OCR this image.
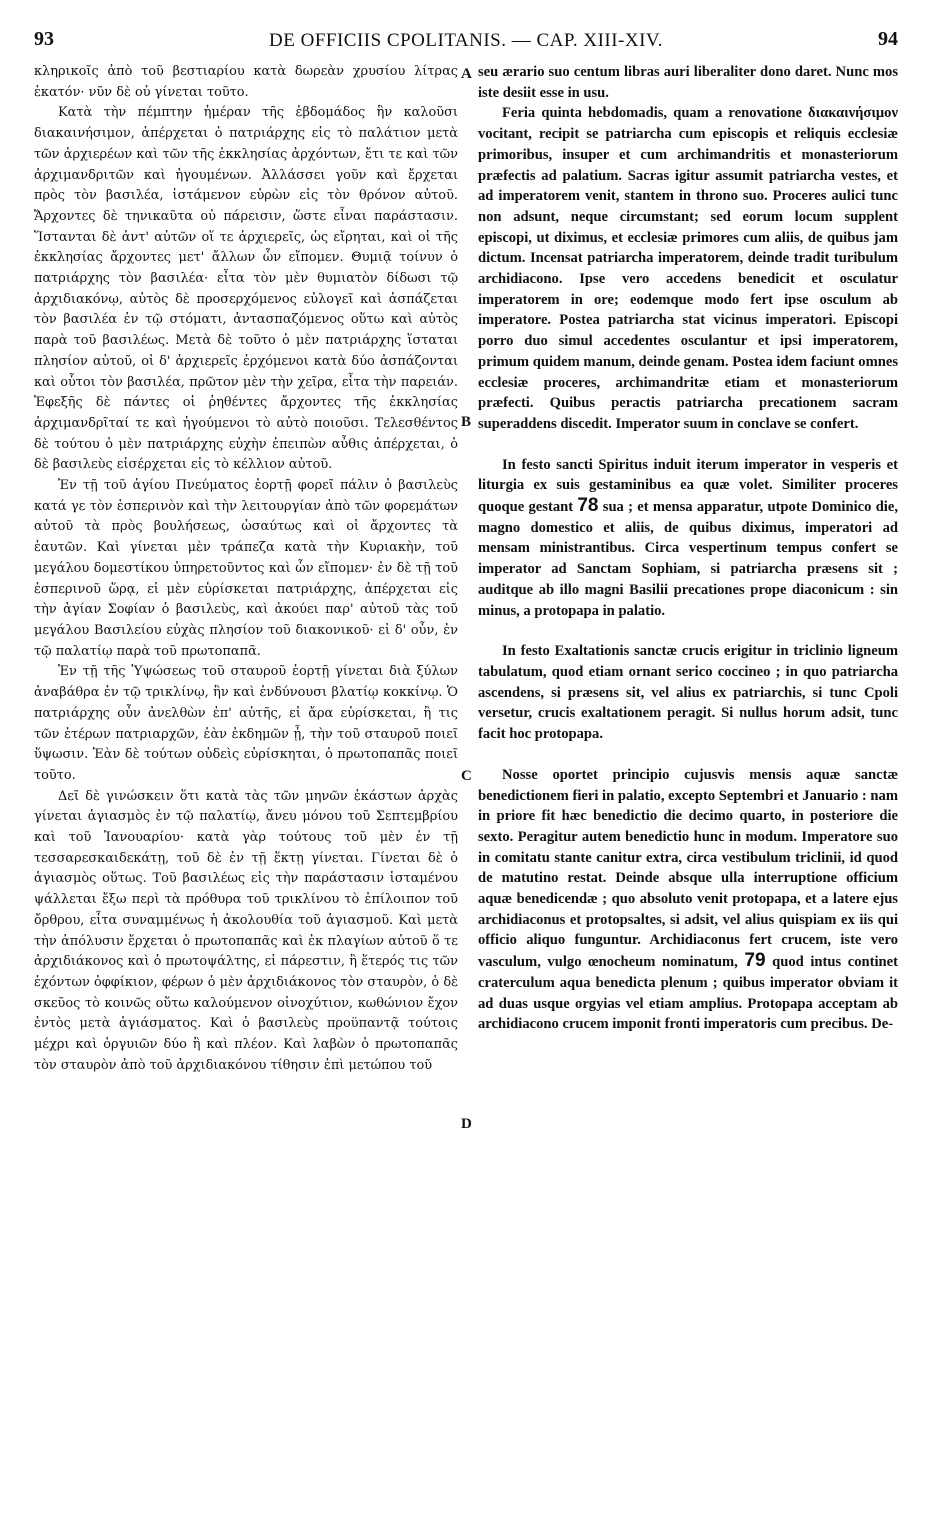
93	DE OFFICIIS CPOLITANIS. — CAP. XIII-XIV.	94

κληρικοῖς ἀπὸ τοῦ βεστιαρίου κατὰ δωρεὰν χρυσίου λίτρας ἑκατόν· νῦν δὲ οὐ γίνεται τοῦτο.

Κατὰ τὴν πέμπτην ἡμέραν τῆς ἑβδομάδος ἣν καλοῦσι διακαινήσιμον, ἀπέρχεται ὁ πατριάρχης εἰς τὸ παλάτιον μετὰ τῶν ἀρχιερέων καὶ τῶν τῆς ἐκκλησίας ἀρχόντων, ἔτι τε καὶ τῶν ἀρχιμανδριτῶν καὶ ἡγουμένων. Ἀλλάσσει γοῦν καὶ ἔρχεται πρὸς τὸν βασιλέα, ἱστάμενον εὑρὼν εἰς τὸν θρόνον αὐτοῦ. Ἄρχοντες δὲ τηνικαῦτα οὐ πάρεισιν, ὥστε εἶναι παράστασιν. Ἵστανται δὲ ἀντ' αὐτῶν οἵ τε ἀρχιερεῖς, ὡς εἴρηται, καὶ οἱ τῆς ἐκκλησίας ἄρχοντες μετ' ἄλλων ὧν εἴπομεν. Θυμιᾷ τοίνυν ὁ πατριάρχης τὸν βασιλέα· εἶτα τὸν μὲν θυμιατὸν δίδωσι τῷ ἀρχιδιακόνῳ, αὐτὸς δὲ προσερχόμενος εὐλογεῖ καὶ ἀσπάζεται τὸν βασιλέα ἐν τῷ στόματι, ἀντασπαζόμενος οὕτω καὶ αὐτὸς παρὰ τοῦ βασιλέως. Μετὰ δὲ τοῦτο ὁ μὲν πατριάρχης ἵσταται πλησίον αὐτοῦ, οἱ δ' ἀρχιερεῖς ἐρχόμενοι κατὰ δύο ἀσπάζονται καὶ οὗτοι τὸν βασιλέα, πρῶτον μὲν τὴν χεῖρα, εἶτα τὴν παρειάν. Ἐφεξῆς δὲ πάντες οἱ ῥηθέντες ἄρχοντες τῆς ἐκκλησίας ἀρχιμανδρῖταί τε καὶ ἡγούμενοι τὸ αὐτὸ ποιοῦσι. Τελεσθέντος δὲ τούτου ὁ μὲν πατριάρχης εὐχὴν ἐπειπὼν αὖθις ἀπέρχεται, ὁ δὲ βασιλεὺς εἰσέρχεται εἰς τὸ κέλλιον αὐτοῦ.

Ἐν τῇ τοῦ ἁγίου Πνεύματος ἑορτῇ φορεῖ πάλιν ὁ βασιλεὺς κατά γε τὸν ἑσπερινὸν καὶ τὴν λειτουργίαν ἀπὸ τῶν φορεμάτων αὐτοῦ τὰ πρὸς βουλήσεως, ὡσαύτως καὶ οἱ ἄρχοντες τὰ ἑαυτῶν. Καὶ γίνεται μὲν τράπεζα κατὰ τὴν Κυριακὴν, τοῦ μεγάλου δομεστίκου ὑπηρετοῦντος καὶ ὧν εἴπομεν· ἐν δὲ τῇ τοῦ ἑσπερινοῦ ὥρᾳ, εἰ μὲν εὑρίσκεται πατριάρχης, ἀπέρχεται εἰς τὴν ἁγίαν Σοφίαν ὁ βασιλεὺς, καὶ ἀκούει παρ' αὐτοῦ τὰς τοῦ μεγάλου Βασιλείου εὐχὰς πλησίον τοῦ διακονικοῦ· εἰ δ' οὖν, ἐν τῷ παλατίῳ παρὰ τοῦ πρωτοπαπᾶ.

Ἐν τῇ τῆς Ὑψώσεως τοῦ σταυροῦ ἑορτῇ γίνεται διὰ ξύλων ἀναβάθρα ἐν τῷ τρικλίνῳ, ἣν καὶ ἐνδύνουσι βλατίῳ κοκκίνῳ. Ὁ πατριάρχης οὖν ἀνελθὼν ἐπ' αὐτῆς, εἰ ἄρα εὑρίσκεται, ἢ τις τῶν ἑτέρων πατριαρχῶν, ἐὰν ἐκδημῶν ᾖ, τὴν τοῦ σταυροῦ ποιεῖ ὕψωσιν. Ἐὰν δὲ τούτων οὐδεὶς εὑρίσκηται, ὁ πρωτοπαπᾶς ποιεῖ τοῦτο.

Δεῖ δὲ γινώσκειν ὅτι κατὰ τὰς τῶν μηνῶν ἑκάστων ἀρχὰς γίνεται ἁγιασμὸς ἐν τῷ παλατίῳ, ἄνευ μόνου τοῦ Σεπτεμβρίου καὶ τοῦ Ἰανουαρίου· κατὰ γὰρ τούτους τοῦ μὲν ἐν τῇ τεσσαρεσκαιδεκάτῃ, τοῦ δὲ ἐν τῇ ἕκτῃ γίνεται. Γίνεται δὲ ὁ ἁγιασμὸς οὕτως. Τοῦ βασιλέως εἰς τὴν παράστασιν ἱσταμένου ψάλλεται ἔξω περὶ τὰ πρόθυρα τοῦ τρικλίνου τὸ ἐπίλοιπον τοῦ ὄρθρου, εἶτα συναμμένως ἡ ἀκολουθία τοῦ ἁγιασμοῦ. Καὶ μετὰ τὴν ἀπόλυσιν ἔρχεται ὁ πρωτοπαπᾶς καὶ ἐκ πλαγίων αὐτοῦ ὅ τε ἀρχιδιάκονος καὶ ὁ πρωτοψάλτης, εἰ πάρεστιν, ἢ ἕτερός τις τῶν ἐχόντων ὀφφίκιον, φέρων ὁ μὲν ἀρχιδιάκονος τὸν σταυρὸν, ὁ δὲ σκεῦος τὸ κοινῶς οὕτω καλούμενον οἰνοχύτιον, κωθώνιον ἔχον ἐντὸς μετὰ ἁγιάσματος. Καὶ ὁ βασιλεὺς προϋπαντᾷ τούτοις μέχρι καὶ ὀργυιῶν δύο ἢ καὶ πλέον. Καὶ λαβὼν ὁ πρωτοπαπᾶς τὸν σταυρὸν ἀπὸ τοῦ ἀρχιδιακόνου τίθησιν ἐπὶ μετώπου τοῦ

A
B
C
D

seu ærario suo centum libras auri liberaliter dono daret. Nunc mos iste desiit esse in usu.

Feria quinta hebdomadis, quam a renovatione διακαινήσιμον vocitant, recipit se patriarcha cum episcopis et reliquis ecclesiæ primoribus, insuper et cum archimandritis et monasteriorum præfectis ad palatium. Sacras igitur assumit patriarcha vestes, et ad imperatorem venit, stantem in throno suo. Proceres aulici tunc non adsunt, neque circumstant; sed eorum locum supplent episcopi, ut diximus, et ecclesiæ primores cum aliis, de quibus jam dictum. Incensat patriarcha imperatorem, deinde tradit turibulum archidiacono. Ipse vero accedens benedicit et osculatur imperatorem in ore; eodemque modo fert ipse osculum ab imperatore. Postea patriarcha stat vicinus imperatori. Episcopi porro duo simul accedentes osculantur et ipsi imperatorem, primum quidem manum, deinde genam. Postea idem faciunt omnes ecclesiæ proceres, archimandritæ etiam et monasteriorum præfecti. Quibus peractis patriarcha precationem sacram superaddens discedit. Imperator suum in conclave se confert.

In festo sancti Spiritus induit iterum imperator in vesperis et liturgia ex suis gestaminibus ea quæ volet. Similiter proceres quoque gestant 78 sua ; et mensa apparatur, utpote Dominico die, magno domestico et aliis, de quibus diximus, imperatori ad mensam ministrantibus. Circa vespertinum tempus confert se imperator ad Sanctam Sophiam, si patriarcha præsens sit ; auditque ab illo magni Basilii precationes prope diaconicum : sin minus, a protopapa in palatio.

In festo Exaltationis sanctæ crucis erigitur in triclinio ligneum tabulatum, quod etiam ornant serico coccineo ; in quo patriarcha ascendens, si præsens sit, vel alius ex patriarchis, si tunc Cpoli versetur, crucis exaltationem peragit. Si nullus horum adsit, tunc facit hoc protopapa.

Nosse oportet principio cujusvis mensis aquæ sanctæ benedictionem fieri in palatio, excepto Septembri et Januario : nam in priore fit hæc benedictio die decimo quarto, in posteriore die sexto. Peragitur autem benedictio hunc in modum. Imperatore suo in comitatu stante canitur extra, circa vestibulum triclinii, id quod de matutino restat. Deinde absque ulla interruptione officium aquæ benedicendæ ; quo absoluto venit protopapa, et a latere ejus archidiaconus et protopsaltes, si adsit, vel alius quispiam ex iis qui officio aliquo funguntur. Archidiaconus fert crucem, iste vero vasculum, vulgo œnocheum nominatum, 79 quod intus continet craterculum aqua benedicta plenum ; quibus imperator obviam it ad duas usque orgyias vel etiam amplius. Protopapa acceptam ab archidiacono crucem imponit fronti imperatoris cum precibus. De-
